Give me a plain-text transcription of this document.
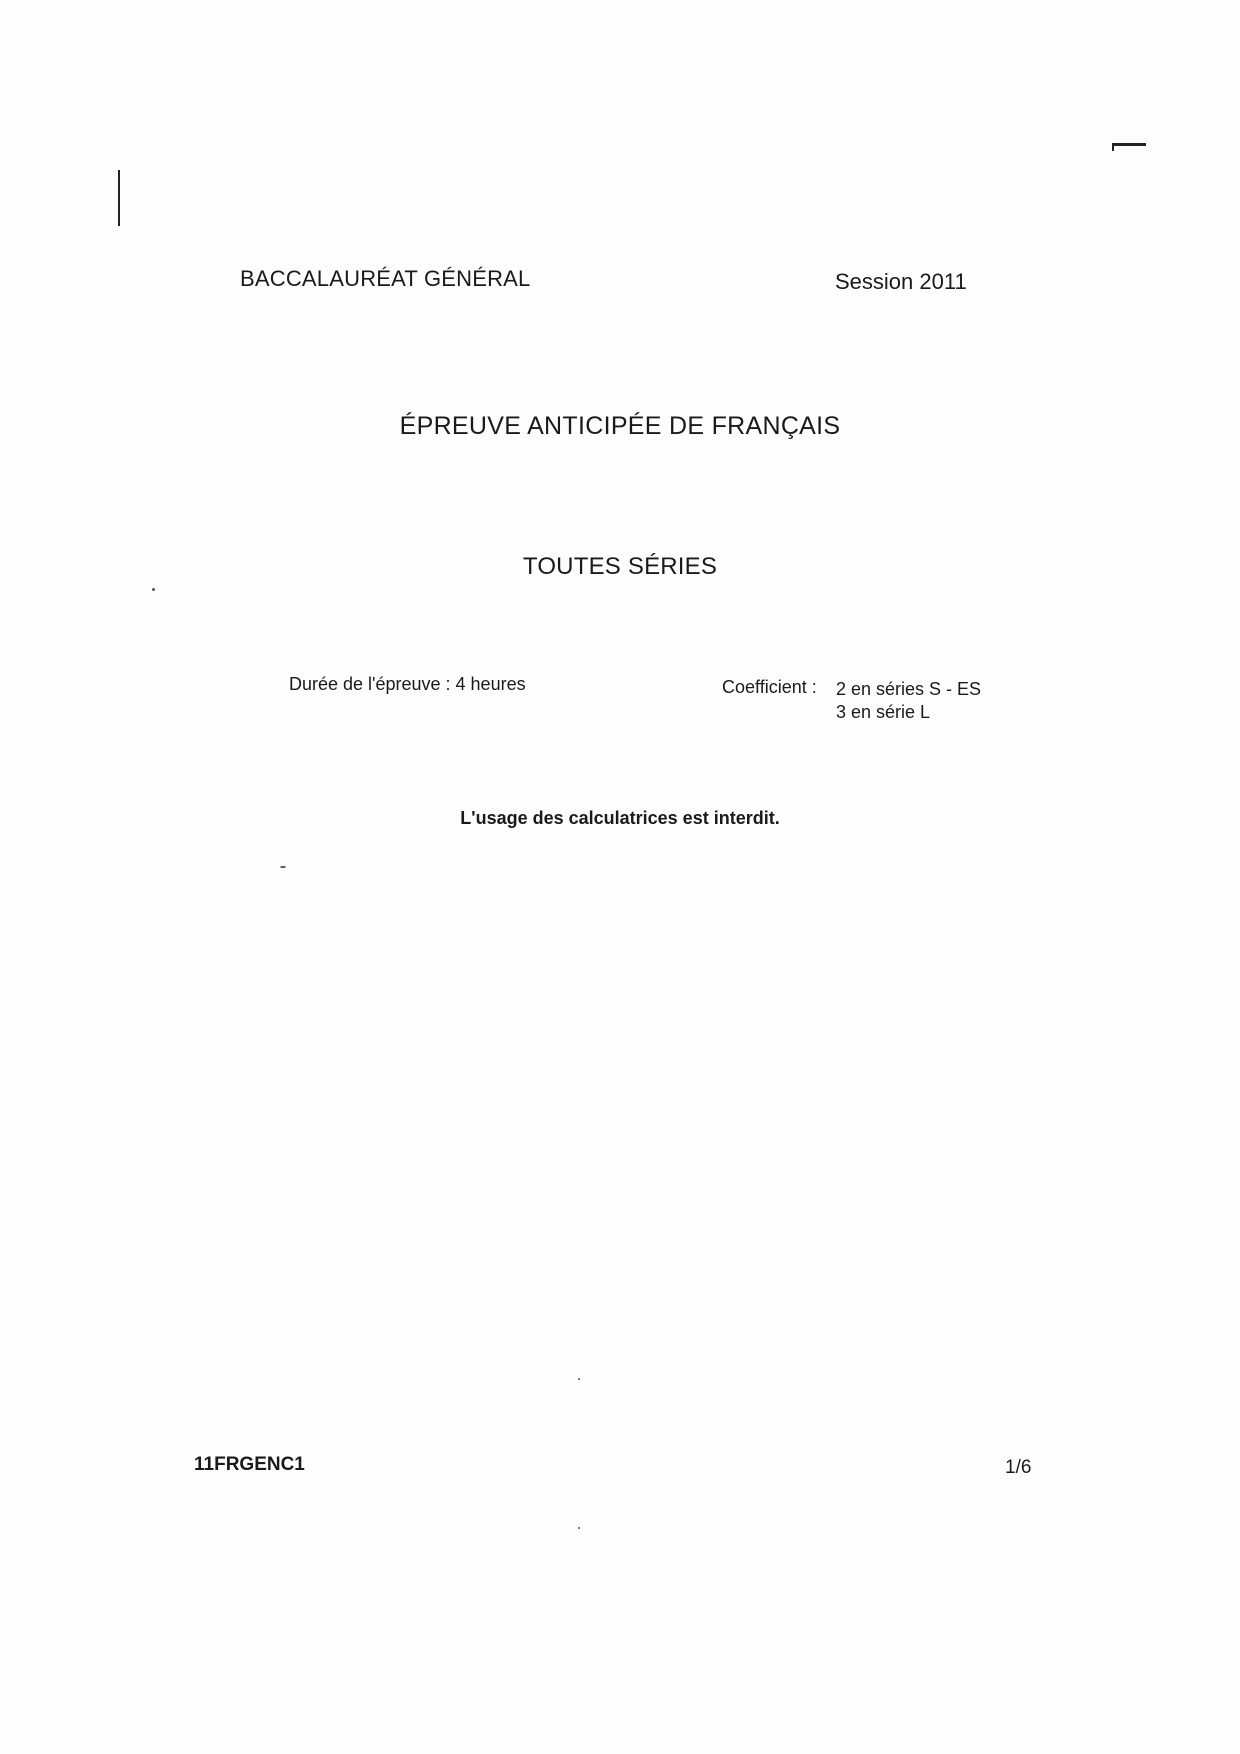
BACCALAURÉAT GÉNÉRAL	Session 2011
ÉPREUVE ANTICIPÉE DE FRANÇAIS
TOUTES SÉRIES
Durée de l'épreuve : 4 heures	Coefficient : 2 en séries S - ES
3 en série L
L'usage des calculatrices est interdit.
11FRGENC1	1/6
